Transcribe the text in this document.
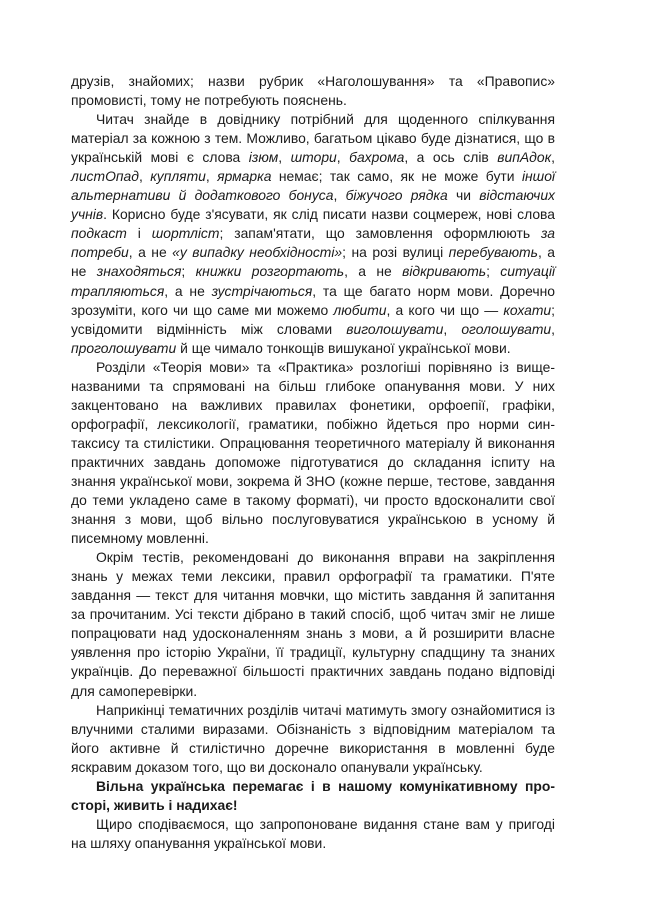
друзів, знайомих; назви рубрик «Наголошування» та «Правопис» промовисті, тому не потребують пояснень.

Читач знайде в довіднику потрібний для щоденного спілкування матеріал за кожною з тем. Можливо, багатьом цікаво буде дізнатися, що в українській мові є слова ізюм, штори, бахрома, а ось слів випАдок, листОпад, купляти, ярмарка немає; так само, як не може бути іншої альтернативи й додаткового бонуса, біжучого рядка чи відстаючих учнів. Корисно буде з'ясувати, як слід писати назви соцмереж, нові слова подкаст і шортліст; запам'ятати, що замовлення оформлюють за потреби, а не «у випадку необхідності»; на розі вулиці перебувають, а не знаходяться; книжки розгортають, а не відкривають; ситуації трапляються, а не зустрічаються, та ще багато норм мови. Доречно зрозуміти, кого чи що саме ми можемо любити, а кого чи що — кохати; усвідомити відмінність між словами виголошувати, оголошувати, проголошувати й ще чимало тонкощів вишуканої української мови.

Розділи «Теорія мови» та «Практика» розлогіші порівняно із вищеназваними та спрямовані на більш глибоке опанування мови. У них закцентовано на важливих правилах фонетики, орфоепії, графіки, орфографії, лексикології, граматики, побіжно йдеться про норми синтаксису та стилістики. Опрацювання теоретичного матеріалу й виконання практичних завдань допоможе підготуватися до складання іспиту на знання української мови, зокрема й ЗНО (кожне перше, тестове, завдання до теми укладено саме в такому форматі), чи просто вдосконалити свої знання з мови, щоб вільно послуговуватися українською в усному й писемному мовленні.

Окрім тестів, рекомендовані до виконання вправи на закріплення знань у межах теми лексики, правил орфографії та граматики. П'яте завдання — текст для читання мовчки, що містить завдання й запитання за прочитаним. Усі тексти дібрано в такий спосіб, щоб читач зміг не лише попрацювати над удосконаленням знань з мови, а й розширити власне уявлення про історію України, її традиції, культурну спадщину та знаних українців. До переважної більшості практичних завдань подано відповіді для самоперевірки.

Наприкінці тематичних розділів читачі матимуть змогу ознайомитися із влучними сталими виразами. Обізнаність з відповідним матеріалом та його активне й стилістично доречне використання в мовленні буде яскравим доказом того, що ви досконало опанували українську.

Вільна українська перемагає і в нашому комунікативному просторі, живить і надихає!

Щиро сподіваємося, що запропоноване видання стане вам у пригоді на шляху опанування української мови.
